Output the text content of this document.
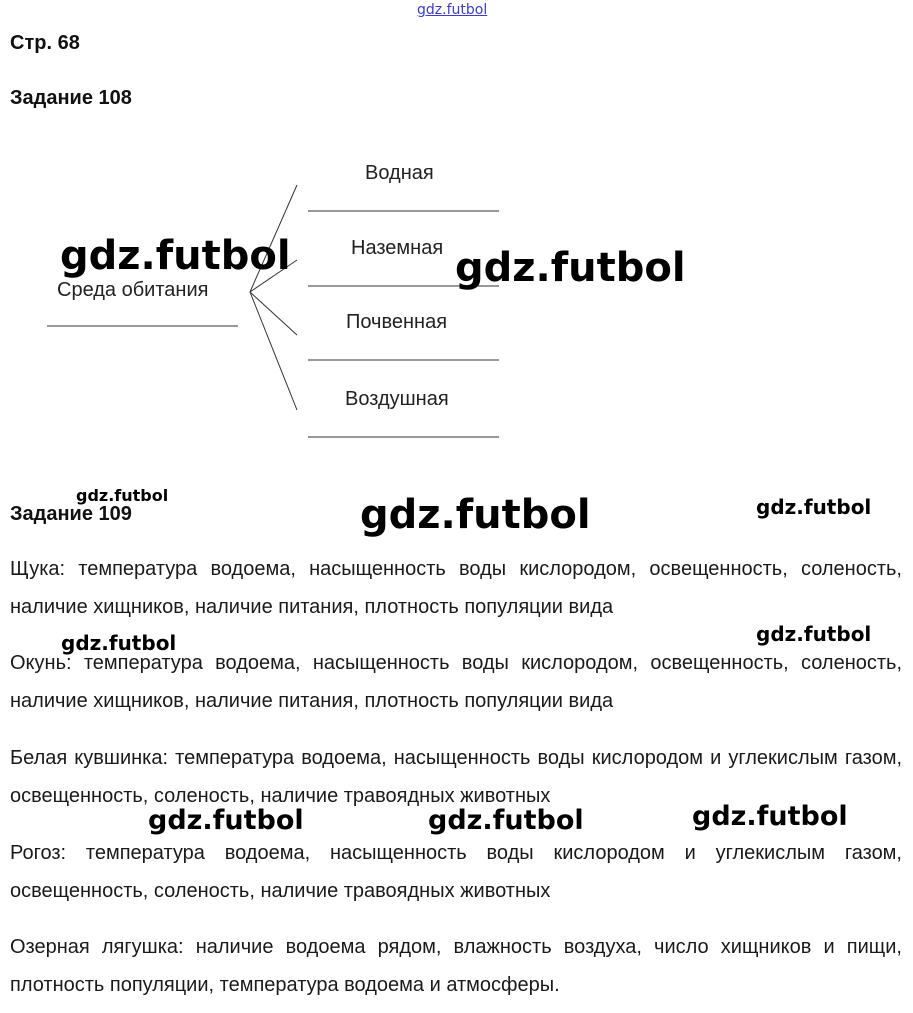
gdz.futbol
Стр. 68
Задание 108
Среда обитания
Водная
Наземная
Почвенная
Воздушная
Задание 109
Щука: температура водоема, насыщенность воды кислородом, освещенность, соленость, наличие хищников, наличие питания, плотность популяции вида
Окунь: температура водоема, насыщенность воды кислородом, освещенность, соленость, наличие хищников, наличие питания, плотность популяции вида
Белая кувшинка: температура водоема, насыщенность воды кислородом и углекислым газом, освещенность, соленость, наличие травоядных животных
Рогоз: температура водоема, насыщенность воды кислородом и углекислым газом, освещенность, соленость, наличие травоядных животных
Озерная лягушка: наличие водоема рядом, влажность воздуха, число хищников и пищи, плотность популяции, температура водоема и атмосферы.
gdz.futbol	gdz.futbol
gdz.futbol	gdz.futbol	gdz.futbol
gdz.futbol	gdz.futbol
gdz.futbol	gdz.futbol	gdz.futbol
